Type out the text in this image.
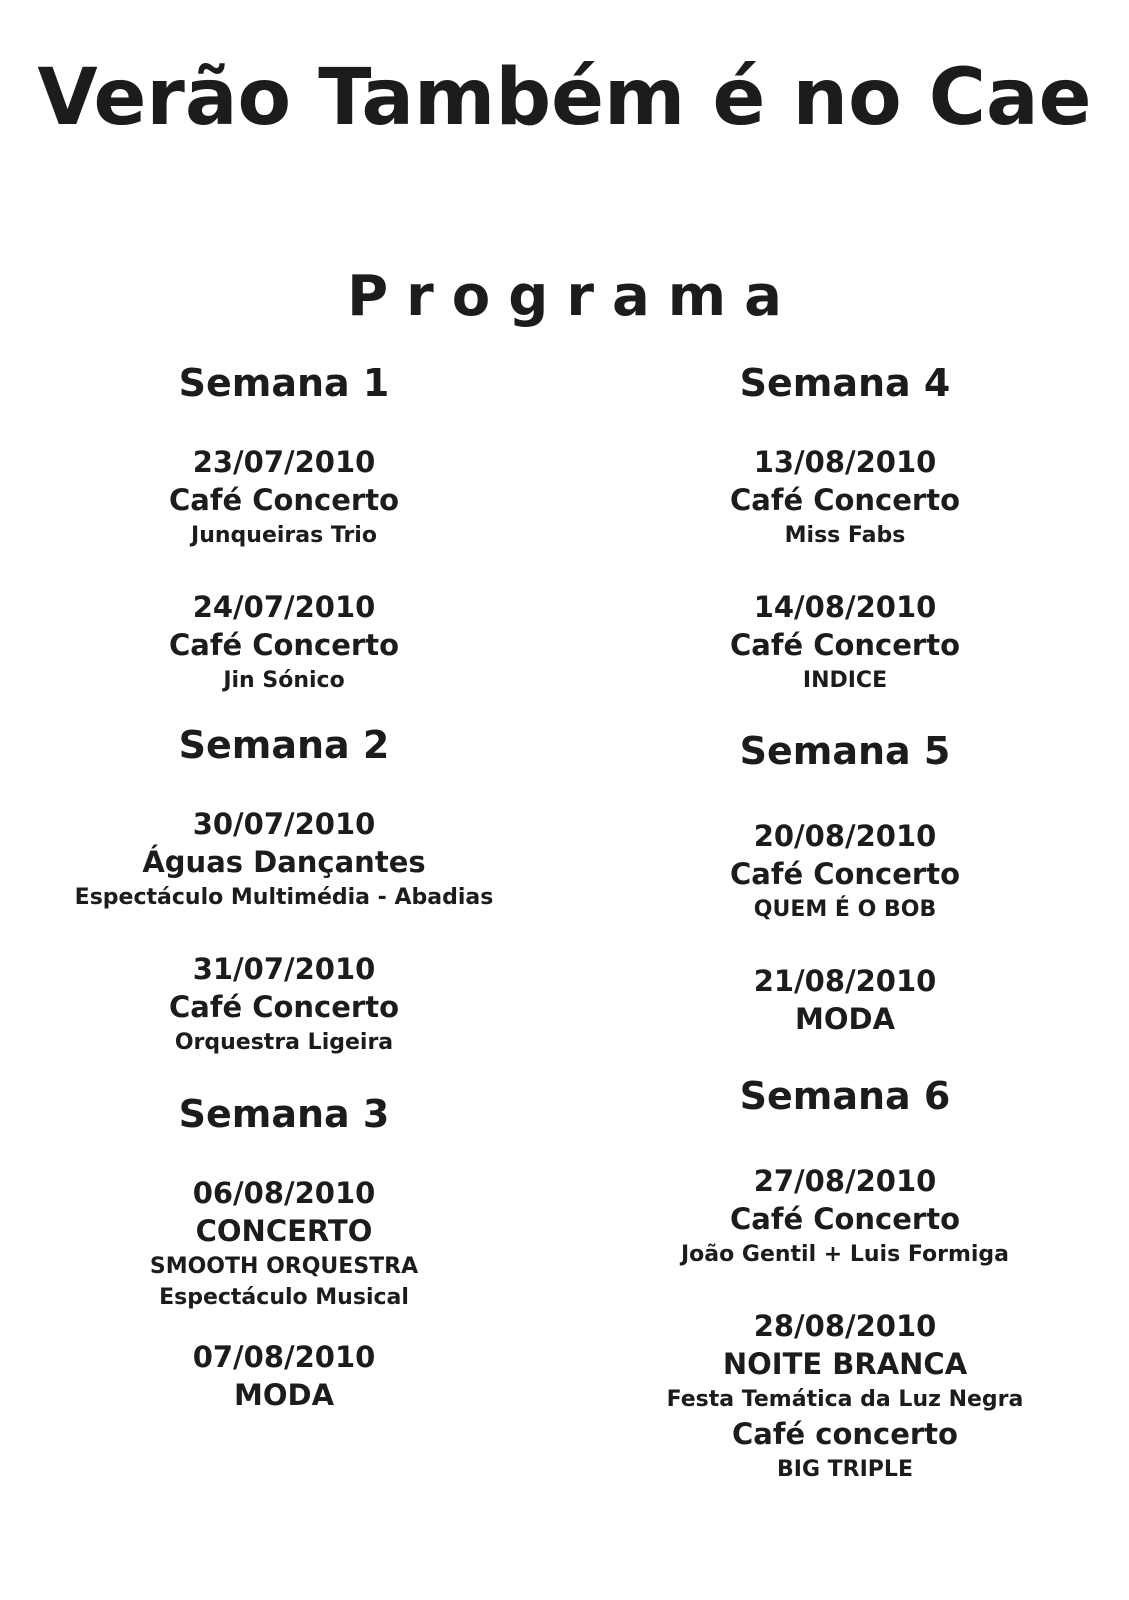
Verão Também é no Cae
Programa
Semana 1
23/07/2010
Café Concerto
Junqueiras Trio
24/07/2010
Café Concerto
Jin Sónico
Semana 2
30/07/2010
Águas Dançantes
Espectáculo Multimédia - Abadias
31/07/2010
Café Concerto
Orquestra Ligeira
Semana 3
06/08/2010
CONCERTO
SMOOTH ORQUESTRA
Espectáculo Musical
07/08/2010
MODA
Semana 4
13/08/2010
Café Concerto
Miss Fabs
14/08/2010
Café Concerto
INDICE
Semana 5
20/08/2010
Café Concerto
QUEM É O BOB
21/08/2010
MODA
Semana 6
27/08/2010
Café Concerto
João Gentil + Luis Formiga
28/08/2010
NOITE BRANCA
Festa Temática da Luz Negra
Café concerto
BIG TRIPLE
